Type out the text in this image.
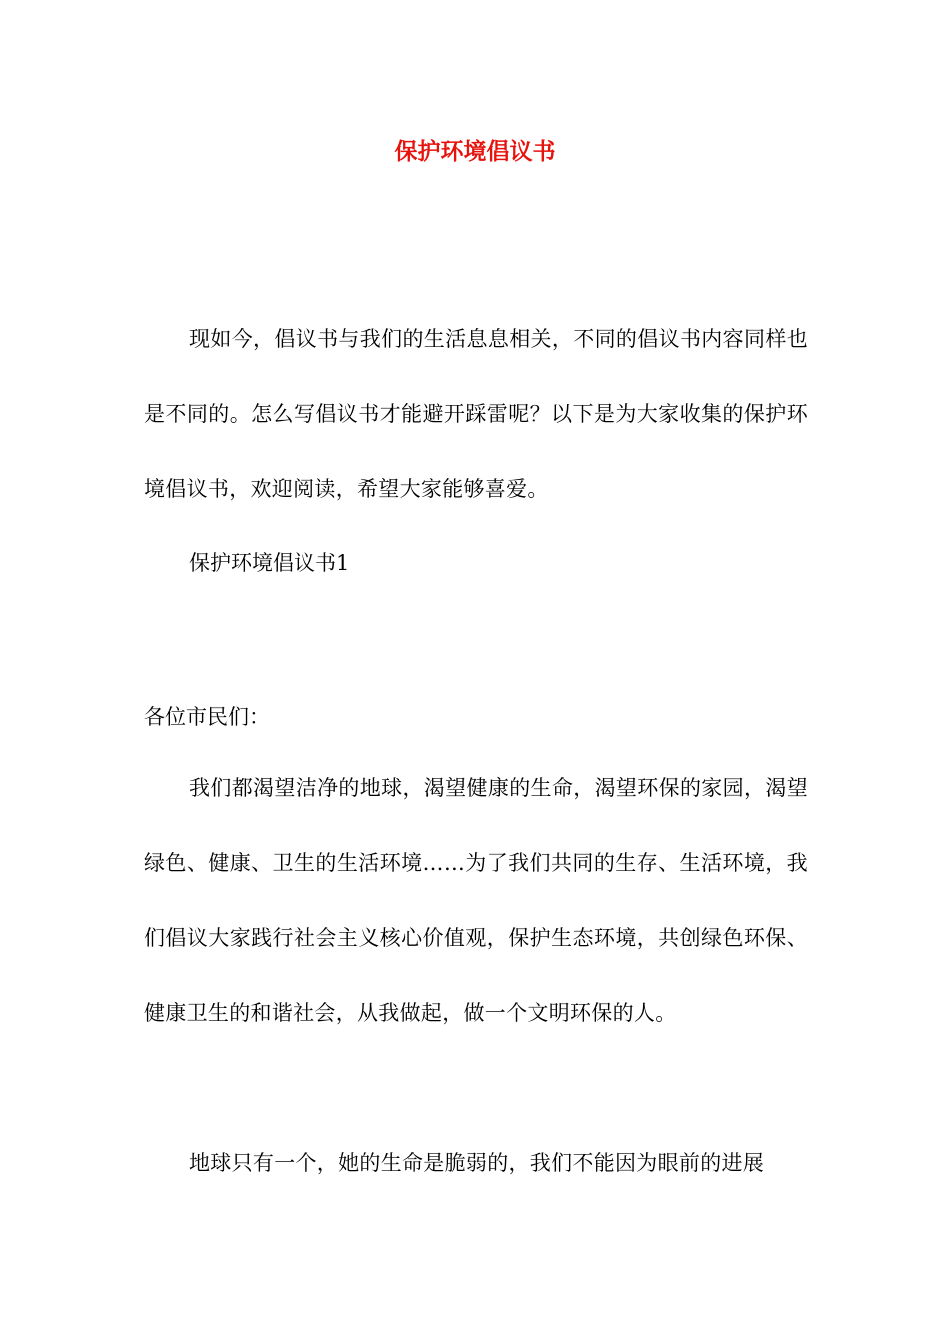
保护环境倡议书
现如今，倡议书与我们的生活息息相关，不同的倡议书内容同样也是不同的。怎么写倡议书才能避开踩雷呢？以下是为大家收集的保护环境倡议书，欢迎阅读，希望大家能够喜爱。
保护环境倡议书1
各位市民们：
我们都渴望洁净的地球，渴望健康的生命，渴望环保的家园，渴望绿色、健康、卫生的生活环境……为了我们共同的生存、生活环境，我们倡议大家践行社会主义核心价值观，保护生态环境，共创绿色环保、健康卫生的和谐社会，从我做起，做一个文明环保的人。
地球只有一个，她的生命是脆弱的，我们不能因为眼前的进展
